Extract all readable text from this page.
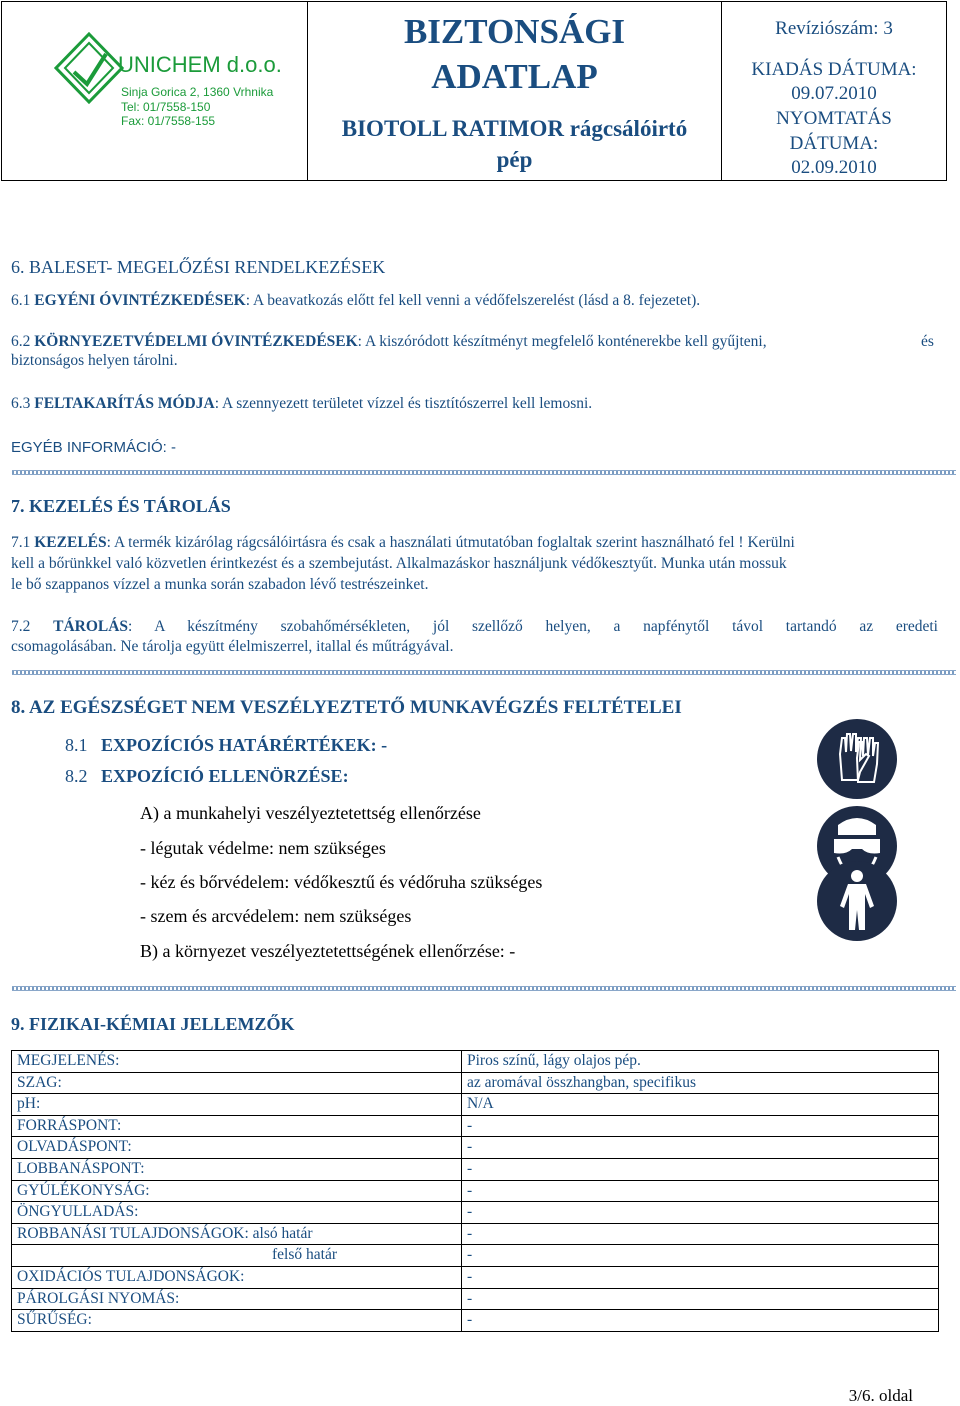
UNICHEM d.o.o.
Sinja Gorica 2, 1360 Vrhnika
Tel: 01/7558-150
Fax: 01/7558-155
BIZTONSÁGI
ADATLAP
BIOTOLL RATIMOR rágcsálóirtó
pép
Revíziószám: 3
KIADÁS DÁTUMA:
09.07.2010
NYOMTATÁS
DÁTUMA:
02.09.2010
6. BALESET- MEGELŐZÉSI RENDELKEZÉSEK
6.1 EGYÉNI ÓVINTÉZKEDÉSEK: A beavatkozás előtt fel kell venni a védőfelszerelést (lásd a 8. fejezetet).
6.2 KÖRNYEZETVÉDELMI ÓVINTÉZKEDÉSEK: A kiszóródott készítményt megfelelő konténerekbe kell gyűjteni,	és
biztonságos helyen tárolni.
6.3 FELTAKARÍTÁS MÓDJA: A szennyezett területet vízzel és tisztítószerrel kell lemosni.
EGYÉB INFORMÁCIÓ: -
7. KEZELÉS ÉS TÁROLÁS
7.1 KEZELÉS: A termék kizárólag rágcsálóirtásra és csak a használati útmutatóban foglaltak szerint használható fel ! Kerülni
kell a bőrünkkel való közvetlen érintkezést és a szembejutást. Alkalmazáskor használjunk védőkesztyűt. Munka után mossuk
le bő szappanos vízzel a munka során szabadon lévő testrészeinket.
7.2 TÁROLÁS: A készítmény szobahőmérsékleten, jól szellőző helyen, a napfénytől távol tartandó az eredeti
csomagolásában. Ne tárolja együtt élelmiszerrel, itallal és műtrágyával.
8. AZ EGÉSZSÉGET NEM VESZÉLYEZTETŐ MUNKAVÉGZÉS FELTÉTELEI
8.1 EXPOZÍCIÓS HATÁRÉRTÉKEK: -
8.2 EXPOZÍCIÓ ELLENÖRZÉSE:
A) a munkahelyi veszélyeztetettség ellenőrzése
- légutak védelme: nem szükséges
- kéz és bőrvédelem: védőkesztű és védőruha szükséges
- szem és arcvédelem: nem szükséges
B) a környezet veszélyeztetettségének ellenőrzése: -
9. FIZIKAI-KÉMIAI JELLEMZŐK
MEGJELENÉS:	Piros színű, lágy olajos pép.
SZAG:	az aromával összhangban, specifikus
pH:	N/A
FORRÁSPONT:	-
OLVADÁSPONT:	-
LOBBANÁSPONT:	-
GYÚLÉKONYSÁG:	-
ÖNGYULLADÁS:	-
ROBBANÁSI TULAJDONSÁGOK: alsó határ	-
felső határ	-
OXIDÁCIÓS TULAJDONSÁGOK:	-
PÁROLGÁSI NYOMÁS:	-
SŰRŰSÉG:	-
3/6. oldal
